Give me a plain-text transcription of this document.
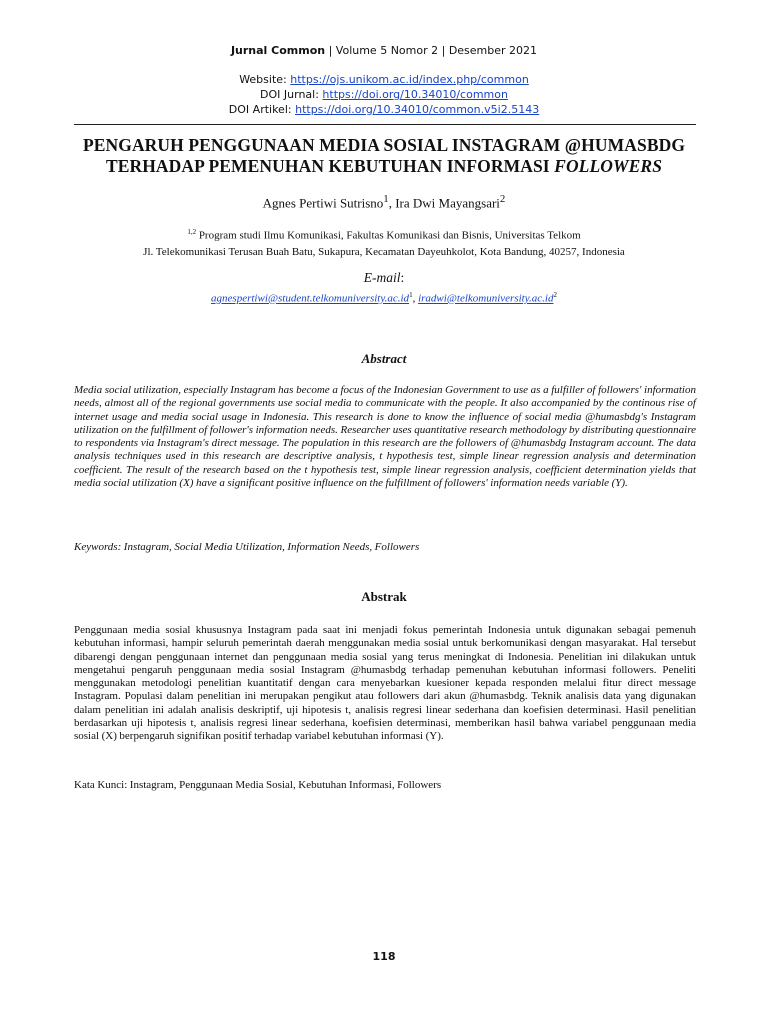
Jurnal Common | Volume 5 Nomor 2 | Desember 2021
Website: https://ojs.unikom.ac.id/index.php/common
DOI Jurnal: https://doi.org/10.34010/common
DOI Artikel: https://doi.org/10.34010/common.v5i2.5143
PENGARUH PENGGUNAAN MEDIA SOSIAL INSTAGRAM @HUMASBDG
TERHADAP PEMENUHAN KEBUTUHAN INFORMASI FOLLOWERS
Agnes Pertiwi Sutrisno$^1$, Ira Dwi Mayangsari$^2$
$^{1,2}$ Program studi Ilmu Komunikasi, Fakultas Komunikasi dan Bisnis, Universitas Telkom
Jl. Telekomunikasi Terusan Buah Batu, Sukapura, Kecamatan Dayeuhkolot, Kota Bandung, 40257, Indonesia
E-mail:
$agnespertiwi@student.telkomuniversity.ac.id^1$, $iradwi@telkomuniversity.ac.id^2$
Abstract
Media social utilization, especially Instagram has become a focus of the Indonesian Government to use as a fulfiller of followers' information needs, almost all of the regional governments use social media to communicate with the people. It also accompanied by the continous rise of internet usage and media social usage in Indonesia. This research is done to know the influence of social media @humasbdg's Instagram utilization on the fulfillment of follower's information needs. Researcher uses quantitative research methodology by distributing questionnaire to respondents via Instagram's direct message. The population in this research are the followers of @humasbdg Instagram account. The data analysis techniques used in this research are descriptive analysis, t hypothesis test, simple linear regression analysis and determination coefficient. The result of the research based on the t hypothesis test, simple linear regression analysis, coefficient determination yields that media social utilization (X) have a significant positive influence on the fulfillment of followers' information needs variable (Y).
Keywords: Instagram, Social Media Utilization, Information Needs, Followers
Abstrak
Penggunaan media sosial khususnya Instagram pada saat ini menjadi fokus pemerintah Indonesia untuk digunakan sebagai pemenuh kebutuhan informasi, hampir seluruh pemerintah daerah menggunakan media sosial untuk berkomunikasi dengan masyarakat. Hal tersebut dibarengi dengan penggunaan internet dan penggunaan media sosial yang terus meningkat di Indonesia. Penelitian ini dilakukan untuk mengetahui pengaruh penggunaan media sosial Instagram @humasbdg terhadap pemenuhan kebutuhan informasi followers. Peneliti menggunakan metodologi penelitian kuantitatif dengan cara menyebarkan kuesioner kepada responden melalui fitur direct message Instagram. Populasi dalam penelitian ini merupakan pengikut atau followers dari akun @humasbdg. Teknik analisis data yang digunakan dalam penelitian ini adalah analisis deskriptif, uji hipotesis t, analisis regresi linear sederhana dan koefisien determinasi. Hasil penelitian berdasarkan uji hipotesis t, analisis regresi linear sederhana, koefisien determinasi, memberikan hasil bahwa variabel penggunaan media sosial (X) berpengaruh signifikan positif terhadap variabel kebutuhan informasi (Y).
Kata Kunci: Instagram, Penggunaan Media Sosial, Kebutuhan Informasi, Followers
118
